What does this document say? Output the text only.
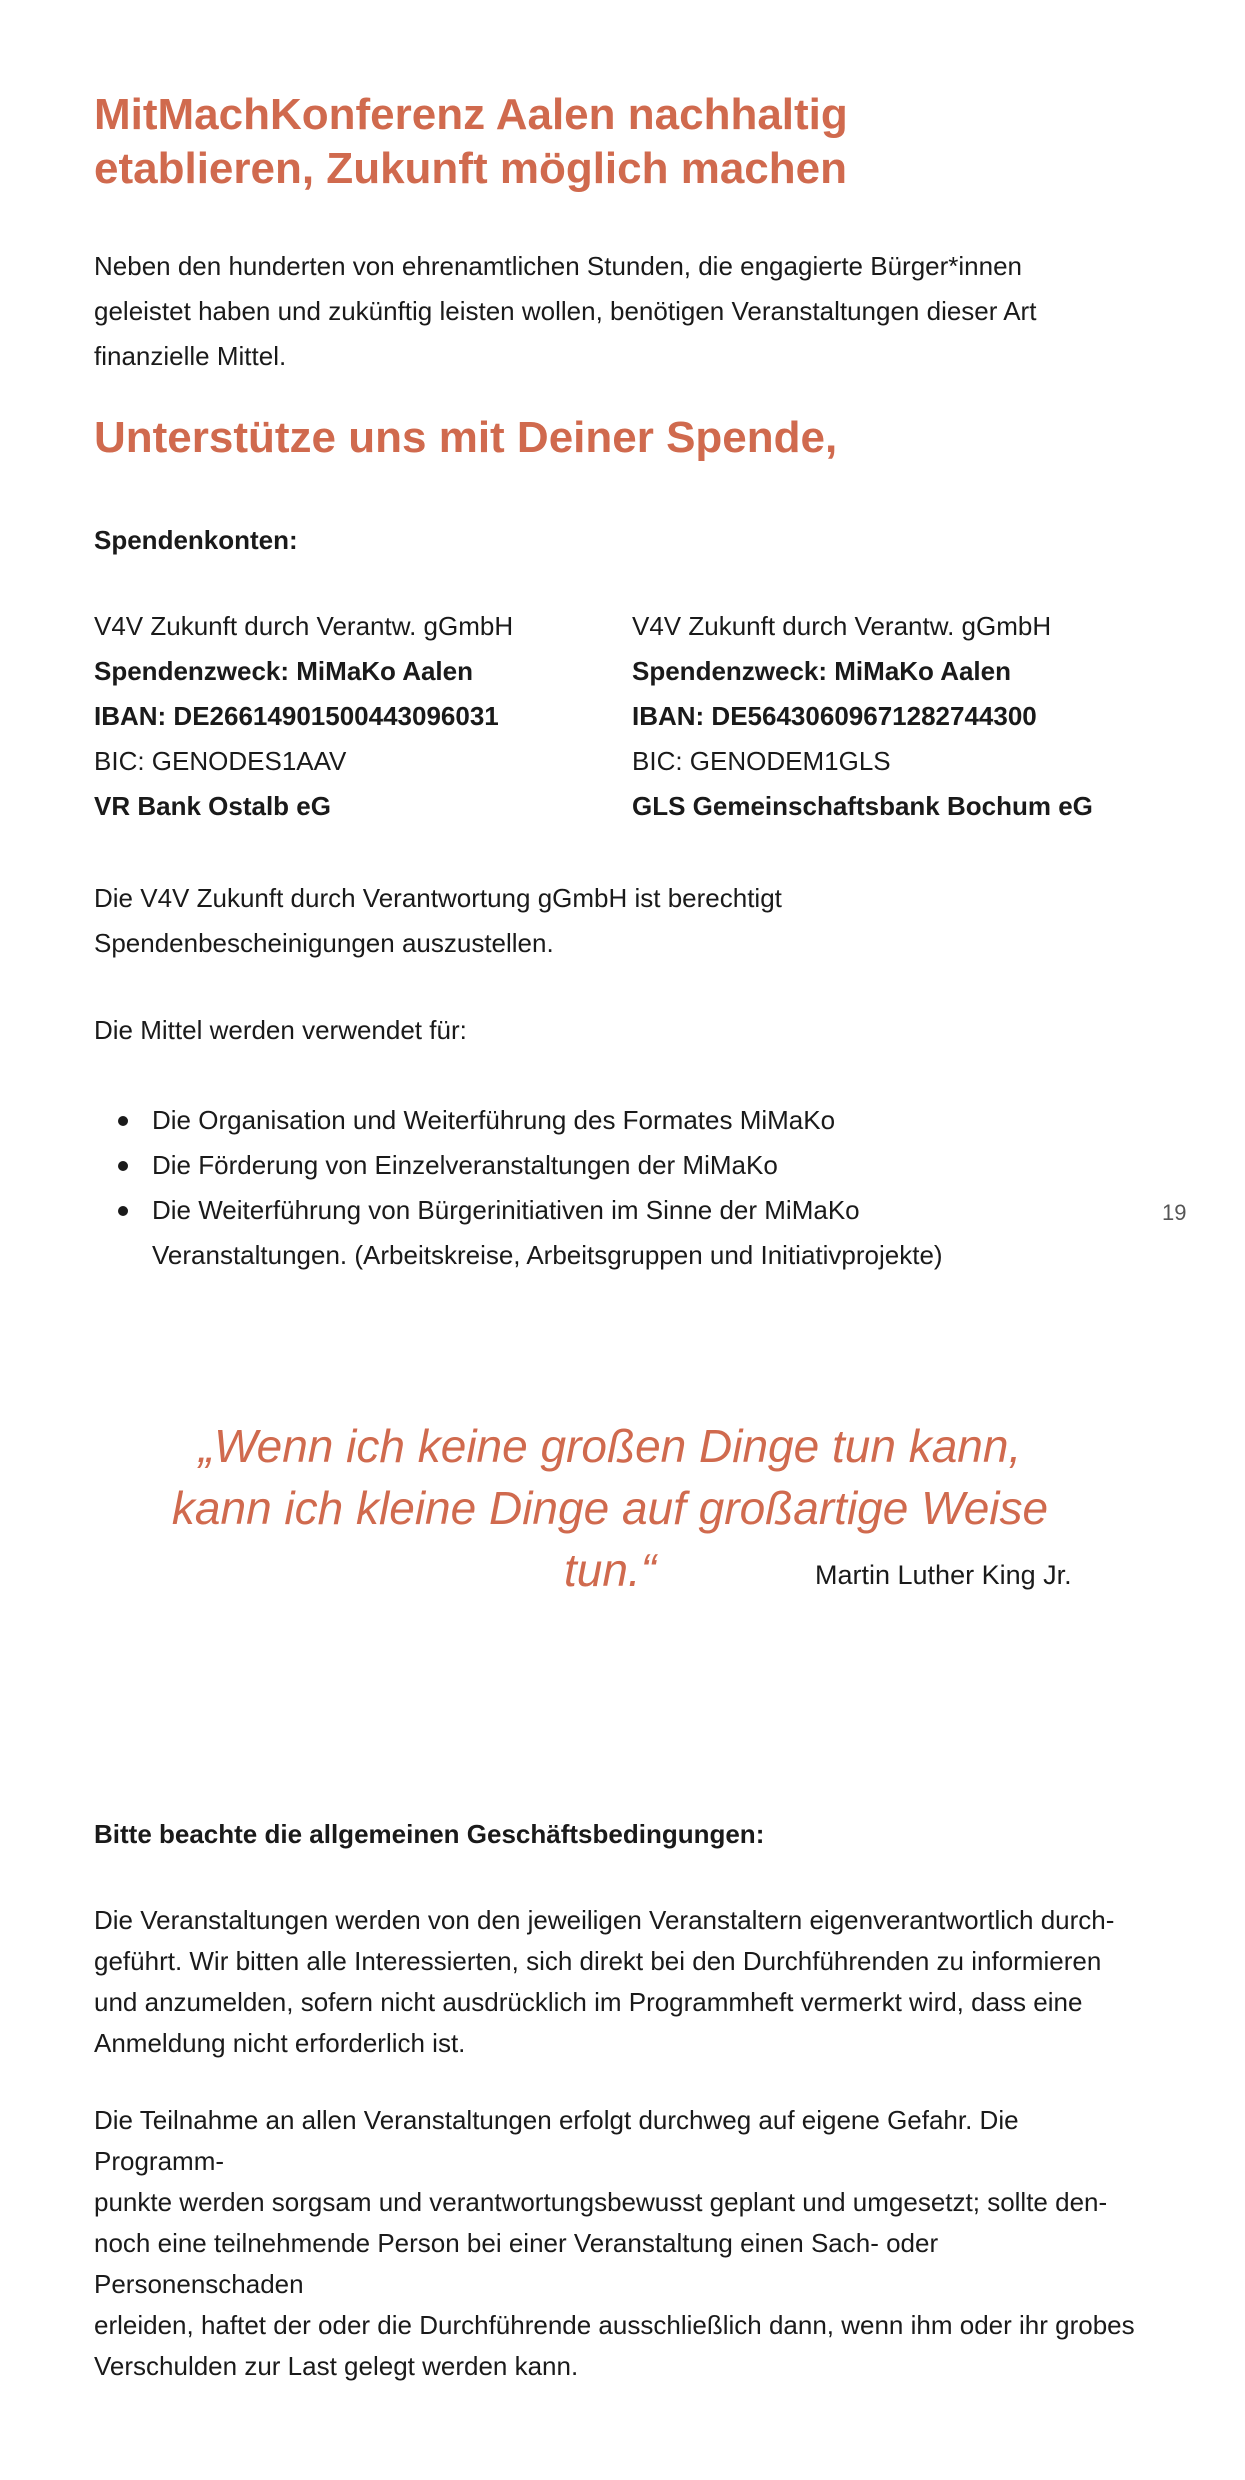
MitMachKonferenz Aalen nachhaltig
etablieren, Zukunft möglich machen
Neben den hunderten von ehrenamtlichen Stunden, die engagierte Bürger*innen
geleistet haben und zukünftig leisten wollen, benötigen Veranstaltungen dieser Art
finanzielle Mittel.
Unterstütze uns mit Deiner Spende,
Spendenkonten:
V4V Zukunft durch Verantw. gGmbH
Spendenzweck: MiMaKo Aalen
IBAN: DE26614901500443096031
BIC: GENODES1AAV
VR Bank Ostalb eG
V4V Zukunft durch Verantw. gGmbH
Spendenzweck: MiMaKo Aalen
IBAN: DE56430609671282744300
BIC: GENODEM1GLS
GLS Gemeinschaftsbank Bochum eG
Die V4V Zukunft durch Verantwortung gGmbH ist berechtigt
Spendenbescheinigungen auszustellen.
Die Mittel werden verwendet für:
Die Organisation und Weiterführung des Formates MiMaKo
Die Förderung von Einzelveranstaltungen der MiMaKo
Die Weiterführung von Bürgerinitiativen im Sinne der MiMaKo
Veranstaltungen. (Arbeitskreise, Arbeitsgruppen und Initiativprojekte)
19
„Wenn ich keine großen Dinge tun kann,
kann ich kleine Dinge auf großartige Weise tun.“	Martin Luther King Jr.
Bitte beachte die allgemeinen Geschäftsbedingungen:
Die Veranstaltungen werden von den jeweiligen Veranstaltern eigenverantwortlich durch-
geführt. Wir bitten alle Interessierten, sich direkt bei den Durchführenden zu informieren
und anzumelden, sofern nicht ausdrücklich im Programmheft vermerkt wird, dass eine
Anmeldung nicht erforderlich ist.
Die Teilnahme an allen Veranstaltungen erfolgt durchweg auf eigene Gefahr. Die Programm-
punkte werden sorgsam und verantwortungsbewusst geplant und umgesetzt; sollte den-
noch eine teilnehmende Person bei einer Veranstaltung einen Sach- oder Personenschaden
erleiden, haftet der oder die Durchführende ausschließlich dann, wenn ihm oder ihr grobes
Verschulden zur Last gelegt werden kann.
